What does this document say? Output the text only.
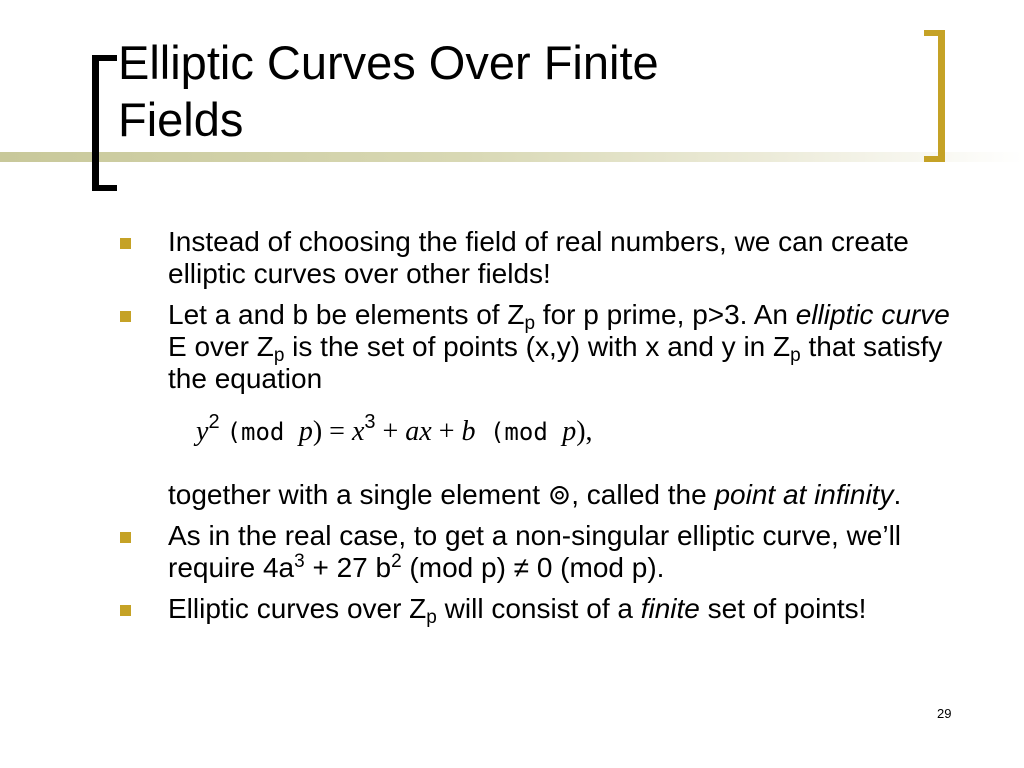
Elliptic Curves Over Finite
Fields
Instead of choosing the field of real numbers, we can create elliptic curves over other fields!
Let a and b be elements of $Z_p$ for p prime, p>3. An elliptic curve E over $Z_p$ is the set of points (x,y) with x and y in $Z_p$ that satisfy the equation
$y^2$ (mod $p) = x^3$ + ax + b (mod p),
together with a single element ⊚, called the point at infinity.
As in the real case, to get a non-singular elliptic curve, we’ll require $4a^3 + 27$ $b^2$ (mod p) ≠ 0 (mod p).
Elliptic curves over $Z_p$ will consist of a finite set of points!
29
